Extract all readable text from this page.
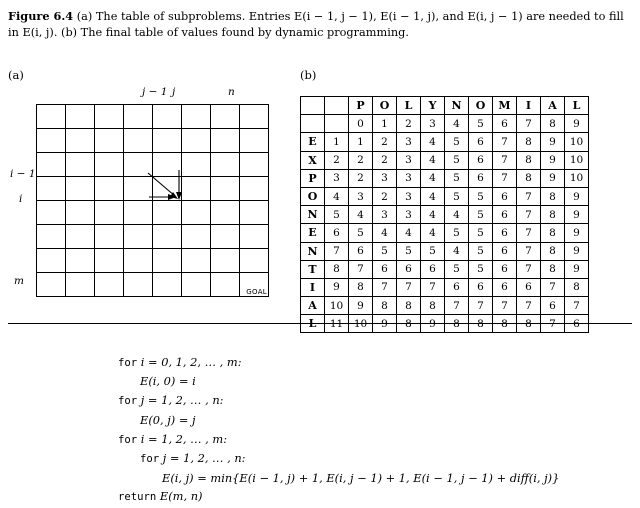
Figure 6.4 (a) The table of subproblems. Entries E(i − 1, j − 1), E(i − 1, j), and E(i, j − 1) are needed to fill in E(i, j). (b) The final table of values found by dynamic programming.
(a)	(b)
j − 1 j	n
i − 1
i
m

							GOAL
		P	O	L	Y	N	O	M	I	A	L
		0	1	2	3	4	5	6	7	8	9
E	1	1	2	3	4	5	6	7	8	9	10
X	2	2	2	3	4	5	6	7	8	9	10
P	3	2	3	3	4	5	6	7	8	9	10
O	4	3	2	3	4	5	5	6	7	8	9
N	5	4	3	3	4	4	5	6	7	8	9
E	6	5	4	4	4	5	5	6	7	8	9
N	7	6	5	5	5	4	5	6	7	8	9
T	8	7	6	6	6	5	5	6	7	8	9
I	9	8	7	7	7	6	6	6	6	7	8
A	10	9	8	8	8	7	7	7	7	6	7
L	11	10	9	8	9	8	8	8	8	7	6
for i = 0, 1, 2, … , m:
E(i, 0) = i
for j = 1, 2, … , n:
E(0, j) = j
for i = 1, 2, … , m:
for j = 1, 2, … , n:
E(i, j) = min{E(i − 1, j) + 1, E(i, j − 1) + 1, E(i − 1, j − 1) + diff(i, j)}
return E(m, n)
